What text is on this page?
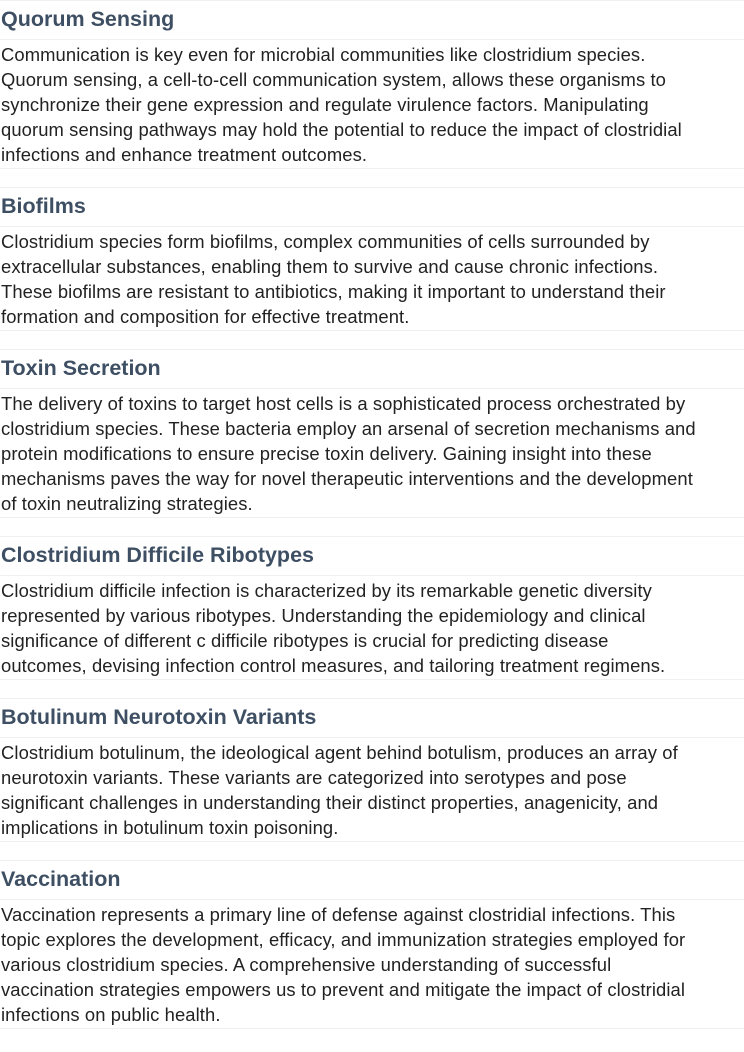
Quorum Sensing
Communication is key even for microbial communities like clostridium species.
Quorum sensing, a cell-to-cell communication system, allows these organisms to
synchronize their gene expression and regulate virulence factors. Manipulating
quorum sensing pathways may hold the potential to reduce the impact of clostridial
infections and enhance treatment outcomes.
Biofilms
Clostridium species form biofilms, complex communities of cells surrounded by
extracellular substances, enabling them to survive and cause chronic infections.
These biofilms are resistant to antibiotics, making it important to understand their
formation and composition for effective treatment.
Toxin Secretion
The delivery of toxins to target host cells is a sophisticated process orchestrated by
clostridium species. These bacteria employ an arsenal of secretion mechanisms and
protein modifications to ensure precise toxin delivery. Gaining insight into these
mechanisms paves the way for novel therapeutic interventions and the development
of toxin neutralizing strategies.
Clostridium Difficile Ribotypes
Clostridium difficile infection is characterized by its remarkable genetic diversity
represented by various ribotypes. Understanding the epidemiology and clinical
significance of different c difficile ribotypes is crucial for predicting disease
outcomes, devising infection control measures, and tailoring treatment regimens.
Botulinum Neurotoxin Variants
Clostridium botulinum, the ideological agent behind botulism, produces an array of
neurotoxin variants. These variants are categorized into serotypes and pose
significant challenges in understanding their distinct properties, anagenicity, and
implications in botulinum toxin poisoning.
Vaccination
Vaccination represents a primary line of defense against clostridial infections. This
topic explores the development, efficacy, and immunization strategies employed for
various clostridium species. A comprehensive understanding of successful
vaccination strategies empowers us to prevent and mitigate the impact of clostridial
infections on public health.
